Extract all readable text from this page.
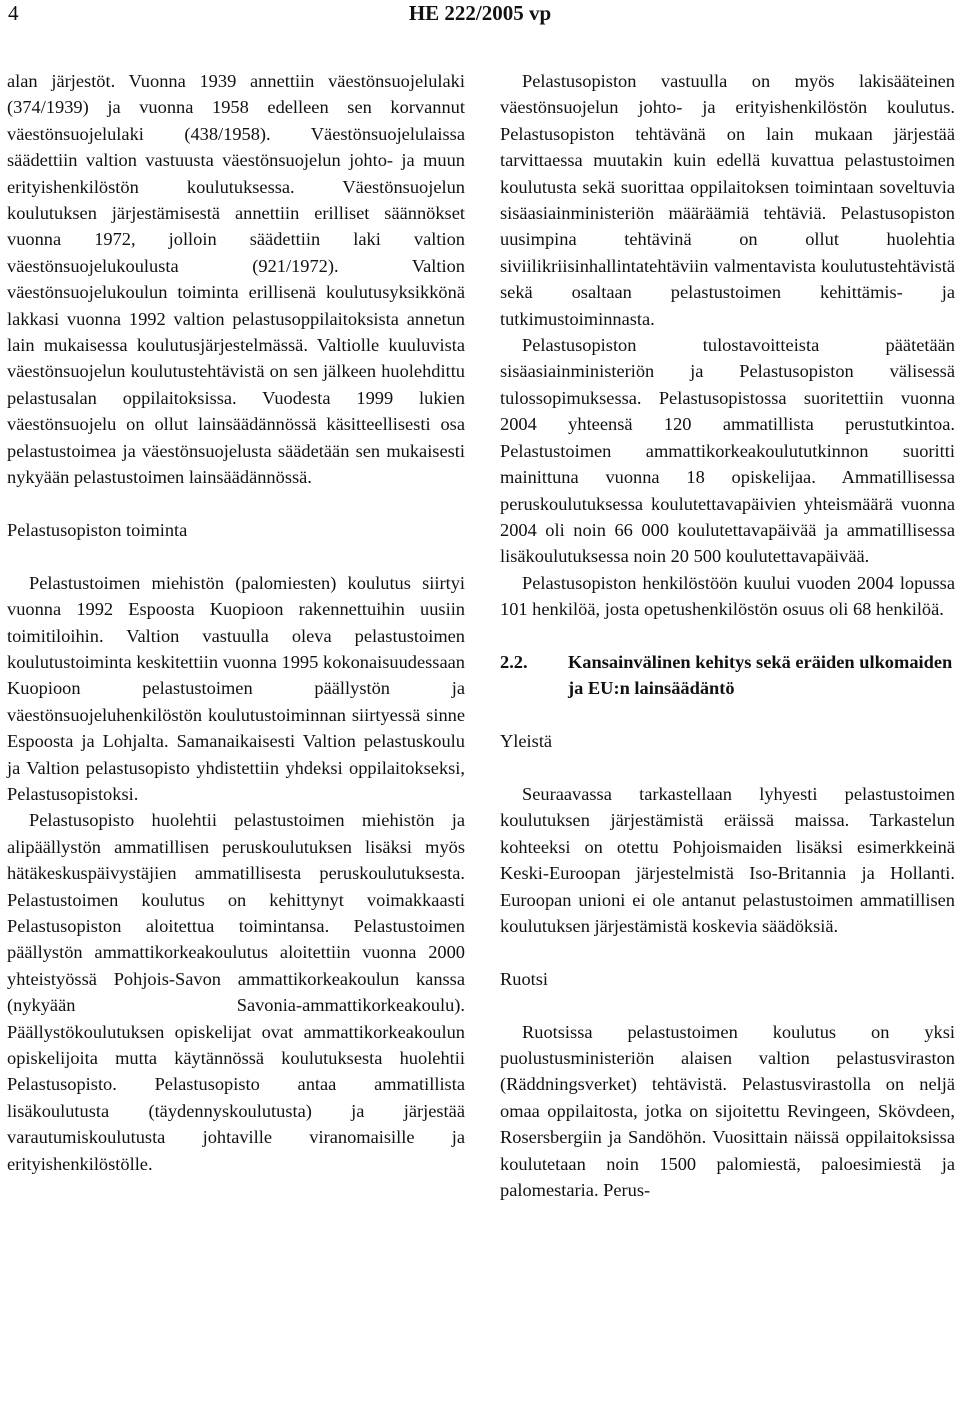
4	HE 222/2005 vp

alan järjestöt. Vuonna 1939 annettiin väestönsuojelulaki (374/1939) ja vuonna 1958 edelleen sen korvannut väestönsuojelulaki (438/1958). Väestönsuojelulaissa säädettiin valtion vastuusta väestönsuojelun johto- ja muun erityishenkilöstön koulutuksessa. Väestönsuojelun koulutuksen järjestämisestä annettiin erilliset säännökset vuonna 1972, jolloin säädettiin laki valtion väestönsuojelukoulusta (921/1972). Valtion väestönsuojelukoulun toiminta erillisenä koulutusyksikkönä lakkasi vuonna 1992 valtion pelastusoppilaitoksista annetun lain mukaisessa koulutusjärjestelmässä. Valtiolle kuuluvista väestönsuojelun koulutustehtävistä on sen jälkeen huolehdittu pelastusalan oppilaitoksissa. Vuodesta 1999 lukien väestönsuojelu on ollut lainsäädännössä käsitteellisesti osa pelastustoimea ja väestönsuojelusta säädetään sen mukaisesti nykyään pelastustoimen lainsäädännössä.

Pelastusopiston toiminta

Pelastustoimen miehistön (palomiesten) koulutus siirtyi vuonna 1992 Espoosta Kuopioon rakennettuihin uusiin toimitiloihin. Valtion vastuulla oleva pelastustoimen koulutustoiminta keskitettiin vuonna 1995 kokonaisuudessaan Kuopioon pelastustoimen päällystön ja väestönsuojeluhenkilöstön koulutustoiminnan siirtyessä sinne Espoosta ja Lohjalta. Samanaikaisesti Valtion pelastuskoulu ja Valtion pelastusopisto yhdistettiin yhdeksi oppilaitokseksi, Pelastusopistoksi.

Pelastusopisto huolehtii pelastustoimen miehistön ja alipäällystön ammatillisen peruskoulutuksen lisäksi myös hätäkeskuspäivystäjien ammatillisesta peruskoulutuksesta. Pelastustoimen koulutus on kehittynyt voimakkaasti Pelastusopiston aloitettua toimintansa. Pelastustoimen päällystön ammattikorkeakoulutus aloitettiin vuonna 2000 yhteistyössä Pohjois-Savon ammattikorkeakoulun kanssa (nykyään Savonia-ammattikorkeakoulu). Päällystökoulutuksen opiskelijat ovat ammattikorkeakoulun opiskelijoita mutta käytännössä koulutuksesta huolehtii Pelastusopisto. Pelastusopisto antaa ammatillista lisäkoulutusta (täydennyskoulutusta) ja järjestää varautumiskoulutusta johtaville viranomaisille ja erityishenkilöstölle.

Pelastusopiston vastuulla on myös lakisääteinen väestönsuojelun johto- ja erityishenkilöstön koulutus. Pelastusopiston tehtävänä on lain mukaan järjestää tarvittaessa muutakin kuin edellä kuvattua pelastustoimen koulutusta sekä suorittaa oppilaitoksen toimintaan soveltuvia sisäasiainministeriön määräämiä tehtäviä. Pelastusopiston uusimpina tehtävinä on ollut huolehtia siviilikriisinhallintatehtäviin valmentavista koulutustehtävistä sekä osaltaan pelastustoimen kehittämis- ja tutkimustoiminnasta.

Pelastusopiston tulostavoitteista päätetään sisäasiainministeriön ja Pelastusopiston välisessä tulossopimuksessa. Pelastusopistossa suoritettiin vuonna 2004 yhteensä 120 ammatillista perustutkintoa. Pelastustoimen ammattikorkeakoulututkinnon suoritti mainittuna vuonna 18 opiskelijaa. Ammatillisessa peruskoulutuksessa koulutettavapäivien yhteismäärä vuonna 2004 oli noin 66 000 koulutettavapäivää ja ammatillisessa lisäkoulutuksessa noin 20 500 koulutettavapäivää.

Pelastusopiston henkilöstöön kuului vuoden 2004 lopussa 101 henkilöä, josta opetushenkilöstön osuus oli 68 henkilöä.

2.2.	Kansainvälinen kehitys sekä eräiden ulkomaiden ja EU:n lainsäädäntö

Yleistä

Seuraavassa tarkastellaan lyhyesti pelastustoimen koulutuksen järjestämistä eräissä maissa. Tarkastelun kohteeksi on otettu Pohjoismaiden lisäksi esimerkkeinä Keski-Euroopan järjestelmistä Iso-Britannia ja Hollanti. Euroopan unioni ei ole antanut pelastustoimen ammatillisen koulutuksen järjestämistä koskevia säädöksiä.

Ruotsi

Ruotsissa pelastustoimen koulutus on yksi puolustusministeriön alaisen valtion pelastusviraston (Räddningsverket) tehtävistä. Pelastusvirastolla on neljä omaa oppilaitosta, jotka on sijoitettu Revingeen, Skövdeen, Rosersbergiin ja Sandöhön. Vuosittain näissä oppilaitoksissa koulutetaan noin 1500 palomiestä, paloesimiestä ja palomestaria. Perus-
